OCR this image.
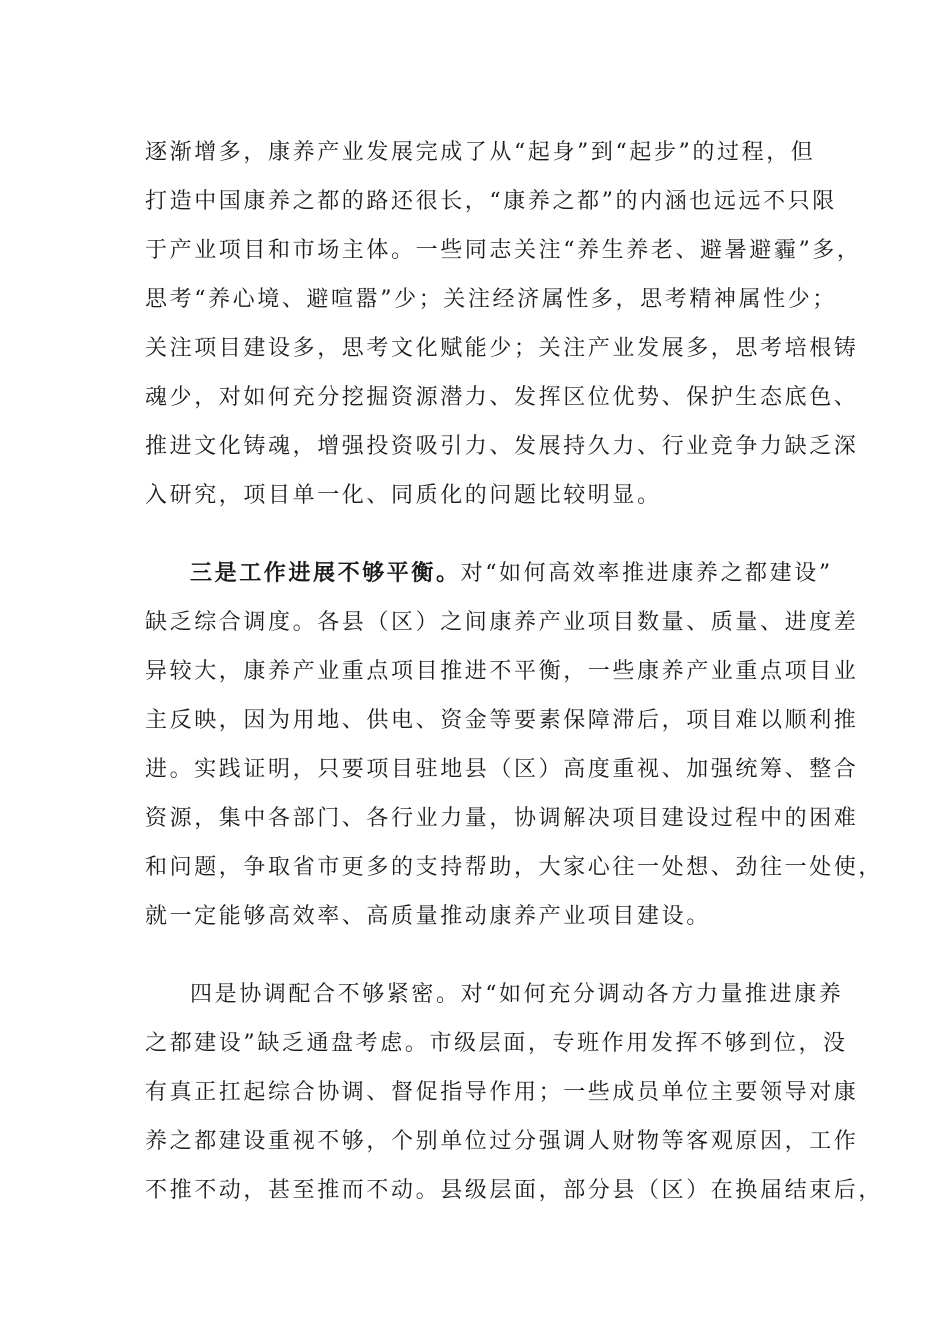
逐渐增多，康养产业发展完成了从“起身”到“起步”的过程，但
打造中国康养之都的路还很长，“康养之都”的内涵也远远不只限
于产业项目和市场主体。一些同志关注“养生养老、避暑避霾”多，
思考“养心境、避喧嚣”少；关注经济属性多，思考精神属性少；
关注项目建设多，思考文化赋能少；关注产业发展多，思考培根铸
魂少，对如何充分挖掘资源潜力、发挥区位优势、保护生态底色、
推进文化铸魂，增强投资吸引力、发展持久力、行业竞争力缺乏深
入研究，项目单一化、同质化的问题比较明显。
三是工作进展不够平衡。对“如何高效率推进康养之都建设”
缺乏综合调度。各县（区）之间康养产业项目数量、质量、进度差
异较大，康养产业重点项目推进不平衡，一些康养产业重点项目业
主反映，因为用地、供电、资金等要素保障滞后，项目难以顺利推
进。实践证明，只要项目驻地县（区）高度重视、加强统筹、整合
资源，集中各部门、各行业力量，协调解决项目建设过程中的困难
和问题，争取省市更多的支持帮助，大家心往一处想、劲往一处使，
就一定能够高效率、高质量推动康养产业项目建设。
四是协调配合不够紧密。对“如何充分调动各方力量推进康养
之都建设”缺乏通盘考虑。市级层面，专班作用发挥不够到位，没
有真正扛起综合协调、督促指导作用；一些成员单位主要领导对康
养之都建设重视不够，个别单位过分强调人财物等客观原因，工作
不推不动，甚至推而不动。县级层面，部分县（区）在换届结束后，
